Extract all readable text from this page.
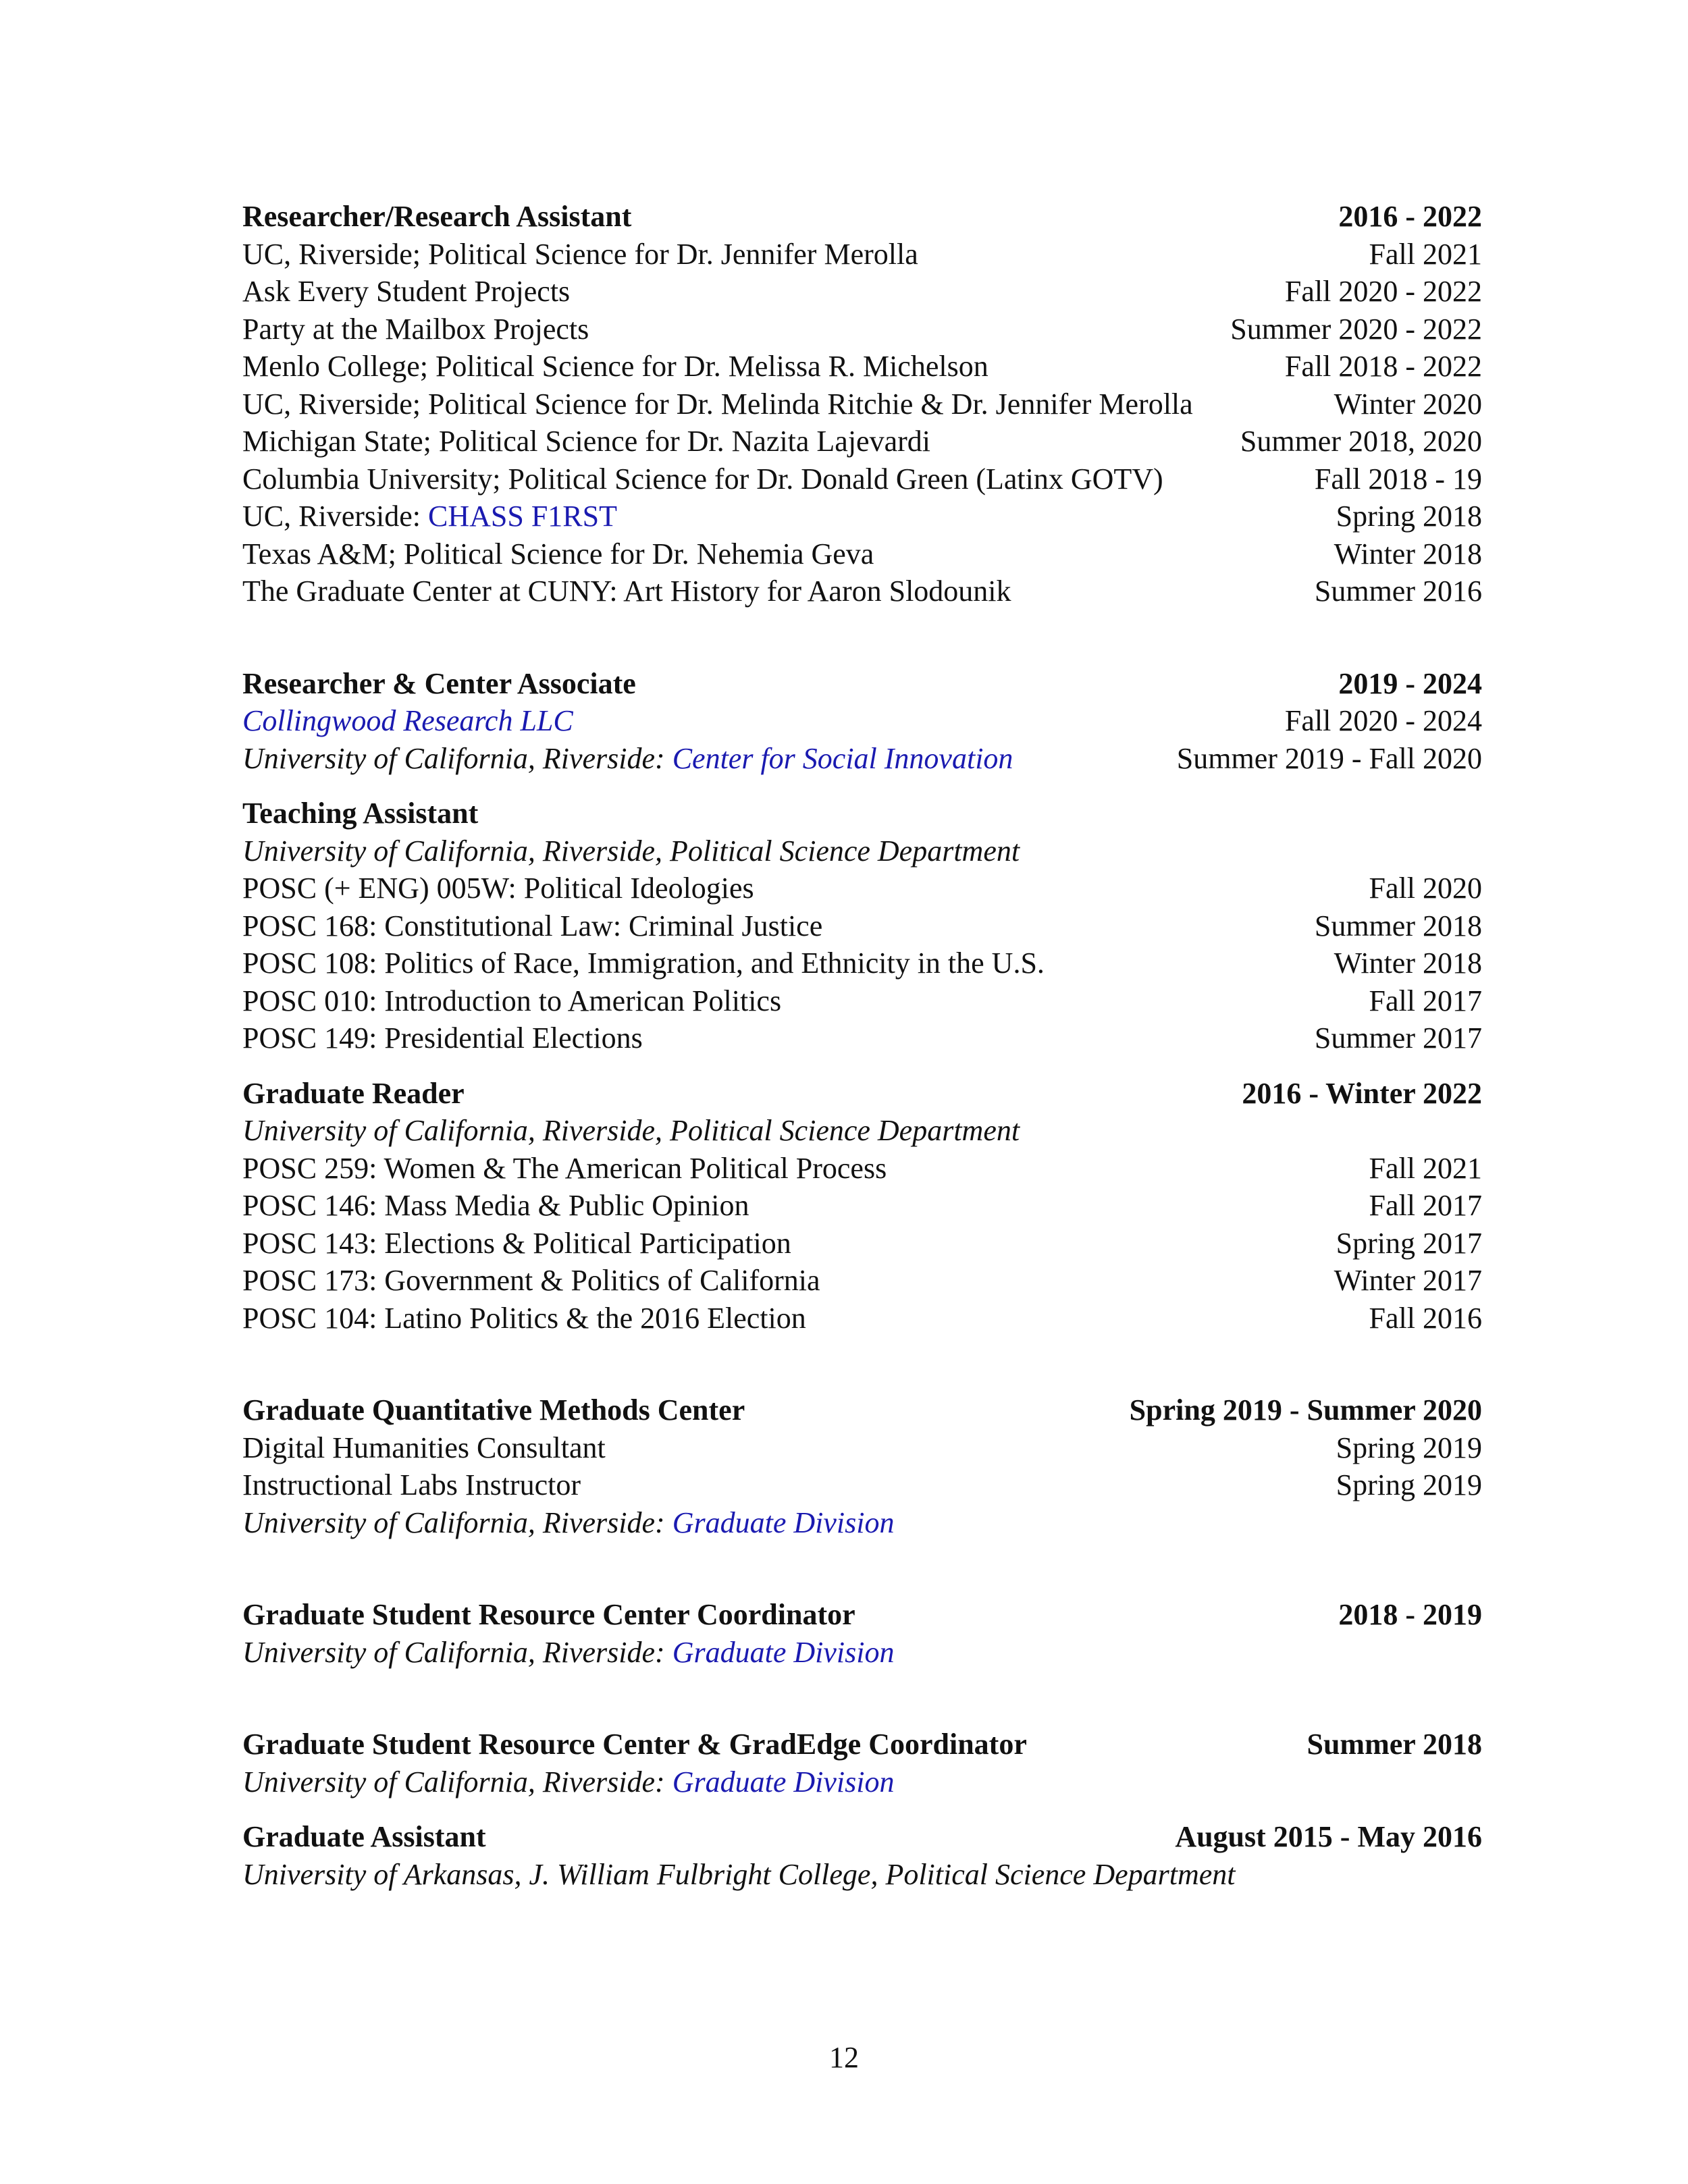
Researcher/Research Assistant	2016 - 2022
UC, Riverside; Political Science for Dr. Jennifer Merolla	Fall 2021
Ask Every Student Projects	Fall 2020 - 2022
Party at the Mailbox Projects	Summer 2020 - 2022
Menlo College; Political Science for Dr. Melissa R. Michelson	Fall 2018 - 2022
UC, Riverside; Political Science for Dr. Melinda Ritchie & Dr. Jennifer Merolla	Winter 2020
Michigan State; Political Science for Dr. Nazita Lajevardi	Summer 2018, 2020
Columbia University; Political Science for Dr. Donald Green (Latinx GOTV)	Fall 2018 - 19
UC, Riverside: CHASS F1RST	Spring 2018
Texas A&M; Political Science for Dr. Nehemia Geva	Winter 2018
The Graduate Center at CUNY: Art History for Aaron Slodounik	Summer 2016
Researcher & Center Associate	2019 - 2024
Collingwood Research LLC	Fall 2020 - 2024
University of California, Riverside: Center for Social Innovation	Summer 2019 - Fall 2020
Teaching Assistant
University of California, Riverside, Political Science Department
POSC (+ ENG) 005W: Political Ideologies	Fall 2020
POSC 168: Constitutional Law: Criminal Justice	Summer 2018
POSC 108: Politics of Race, Immigration, and Ethnicity in the U.S.	Winter 2018
POSC 010: Introduction to American Politics	Fall 2017
POSC 149: Presidential Elections	Summer 2017
Graduate Reader	2016 - Winter 2022
University of California, Riverside, Political Science Department
POSC 259: Women & The American Political Process	Fall 2021
POSC 146: Mass Media & Public Opinion	Fall 2017
POSC 143: Elections & Political Participation	Spring 2017
POSC 173: Government & Politics of California	Winter 2017
POSC 104: Latino Politics & the 2016 Election	Fall 2016
Graduate Quantitative Methods Center	Spring 2019 - Summer 2020
Digital Humanities Consultant	Spring 2019
Instructional Labs Instructor	Spring 2019
University of California, Riverside: Graduate Division
Graduate Student Resource Center Coordinator	2018 - 2019
University of California, Riverside: Graduate Division
Graduate Student Resource Center & GradEdge Coordinator	Summer 2018
University of California, Riverside: Graduate Division
Graduate Assistant	August 2015 - May 2016
University of Arkansas, J. William Fulbright College, Political Science Department
12
